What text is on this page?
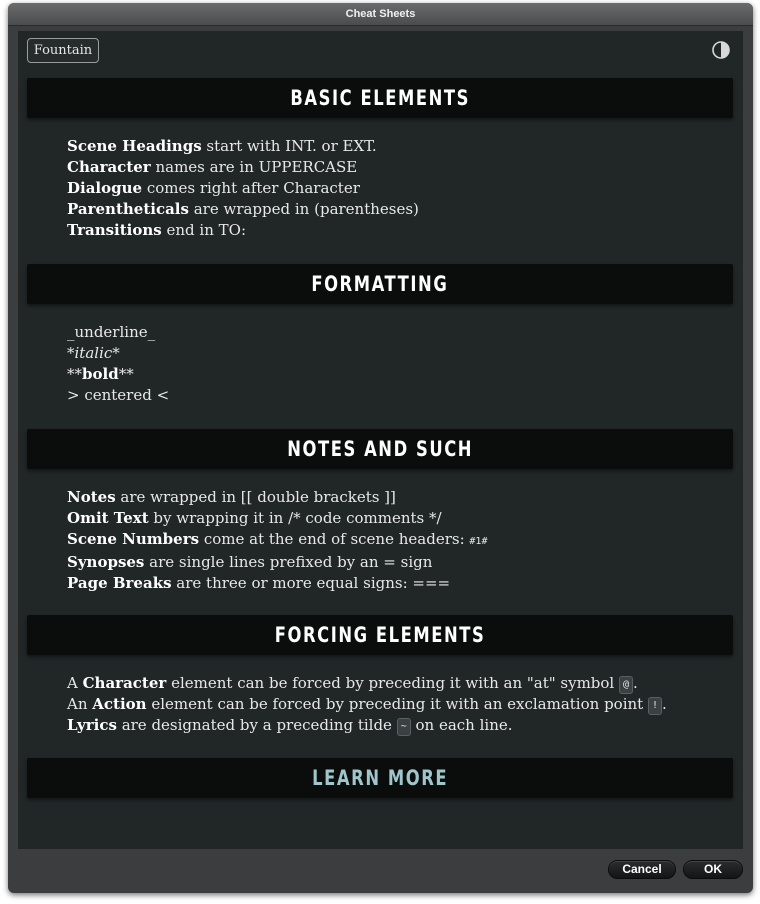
Cheat Sheets
Fountain
BASIC ELEMENTS
Scene Headings start with INT. or EXT.
Character names are in UPPERCASE
Dialogue comes right after Character
Parentheticals are wrapped in (parentheses)
Transitions end in TO:
FORMATTING
_underline_
*italic*
**bold**
> centered <
NOTES AND SUCH
Notes are wrapped in [[ double brackets ]]
Omit Text by wrapping it in /* code comments */
Scene Numbers come at the end of scene headers: #1#
Synopses are single lines prefixed by an = sign
Page Breaks are three or more equal signs: ===
FORCING ELEMENTS
A Character element can be forced by preceding it with an "at" symbol @ .
An Action element can be forced by preceding it with an exclamation point ! .
Lyrics are designated by a preceding tilde ~ on each line.
LEARN MORE
Cancel	OK
